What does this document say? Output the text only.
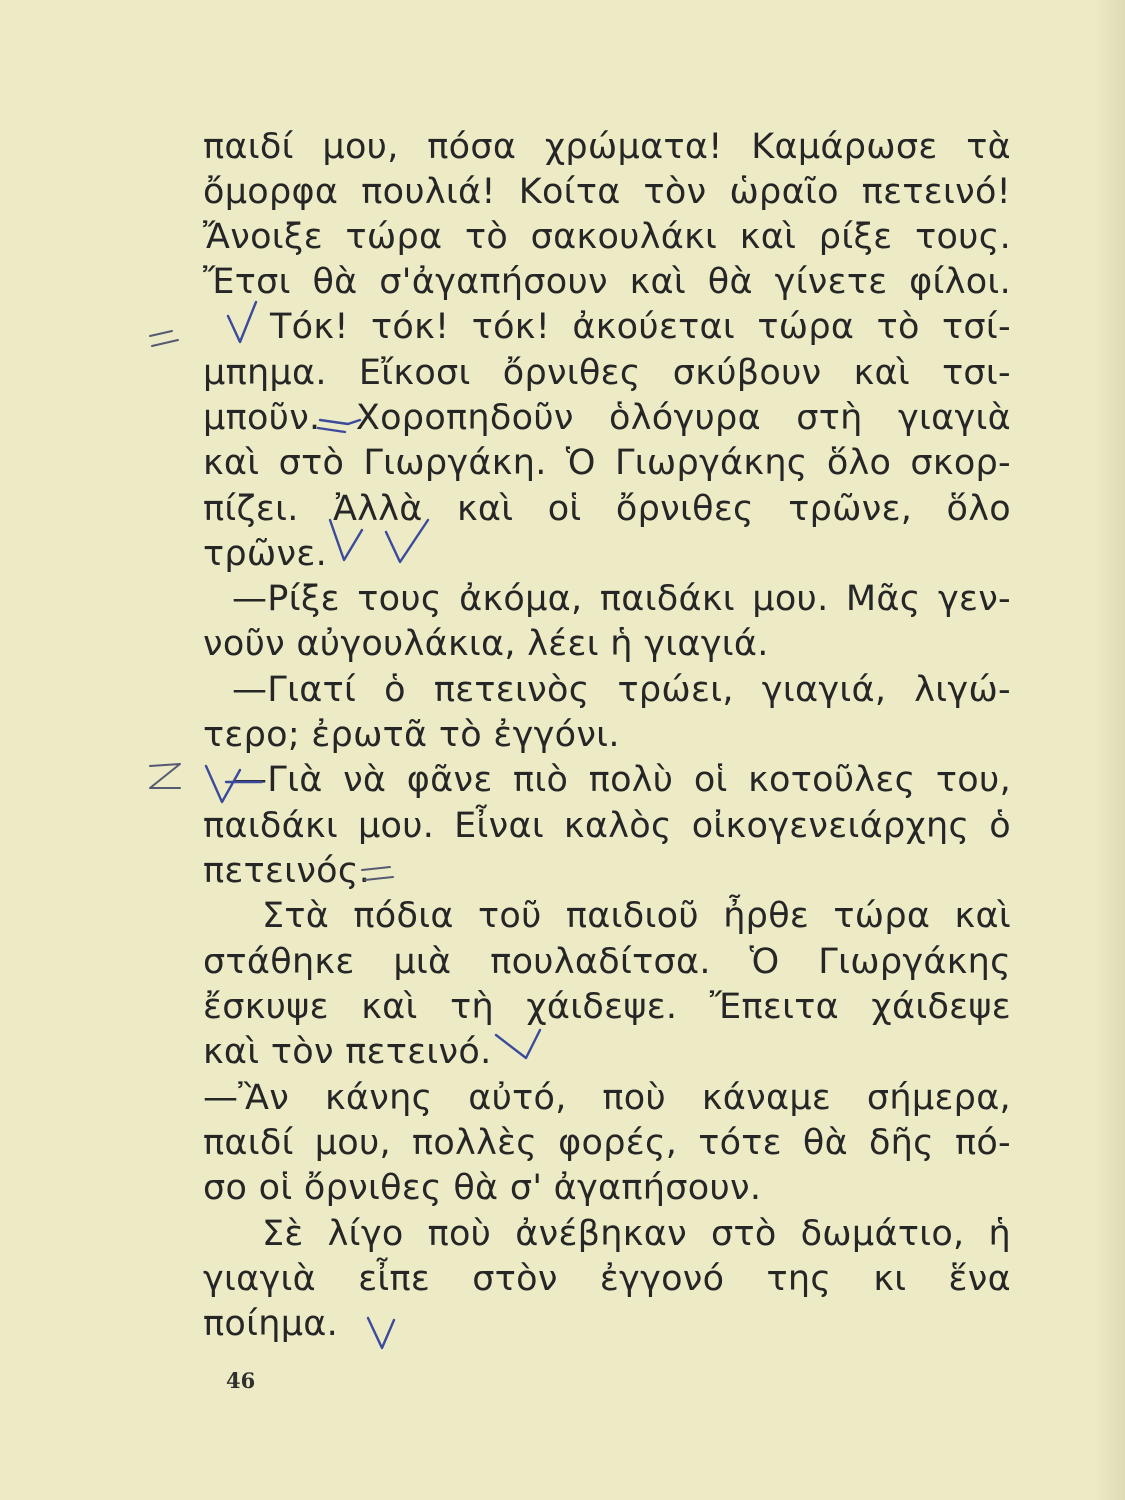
παιδί μου, πόσα χρώματα! Καμάρωσε τὰ
ὄμορφα πουλιά! Κοίτα τὸν ὡραῖο πετεινό!
Ἄνοιξε τώρα τὸ σακουλάκι καὶ ρίξε τους.
Ἔτσι θὰ σ'ἀγαπήσουν καὶ θὰ γίνετε φίλοι.
Τόκ! τόκ! τόκ! ἀκούεται τώρα τὸ τσί-
μπημα. Εἴκοσι ὄρνιθες σκύβουν καὶ τσι-
μποῦν. Χοροπηδοῦν ὁλόγυρα στὴ γιαγιὰ
καὶ στὸ Γιωργάκη. Ὁ Γιωργάκης ὅλο σκορ-
πίζει. Ἀλλὰ καὶ οἱ ὄρνιθες τρῶνε, ὅλο
τρῶνε.
—Ρίξε τους ἀκόμα, παιδάκι μου. Μᾶς γεν-
νοῦν αὐγουλάκια, λέει ἡ γιαγιά.
—Γιατί ὁ πετεινὸς τρώει, γιαγιά, λιγώ-
τερο; ἐρωτᾶ τὸ ἐγγόνι.
—Γιὰ νὰ φᾶνε πιὸ πολὺ οἱ κοτοῦλες του,
παιδάκι μου. Εἶναι καλὸς οἰκογενειάρχης ὁ
πετεινός.
Στὰ πόδια τοῦ παιδιοῦ ἦρθε τώρα καὶ
στάθηκε μιὰ πουλαδίτσα. Ὁ Γιωργάκης
ἔσκυψε καὶ τὴ χάιδεψε. Ἔπειτα χάιδεψε
καὶ τὸν πετεινό.
—Ἂν κάνης αὐτό, ποὺ κάναμε σήμερα,
παιδί μου, πολλὲς φορές, τότε θὰ δῆς πό-
σο οἱ ὄρνιθες θὰ σ' ἀγαπήσουν.
Σὲ λίγο ποὺ ἀνέβηκαν στὸ δωμάτιο, ἡ
γιαγιὰ εἶπε στὸν ἐγγονό της κι ἕνα
ποίημα.
46
